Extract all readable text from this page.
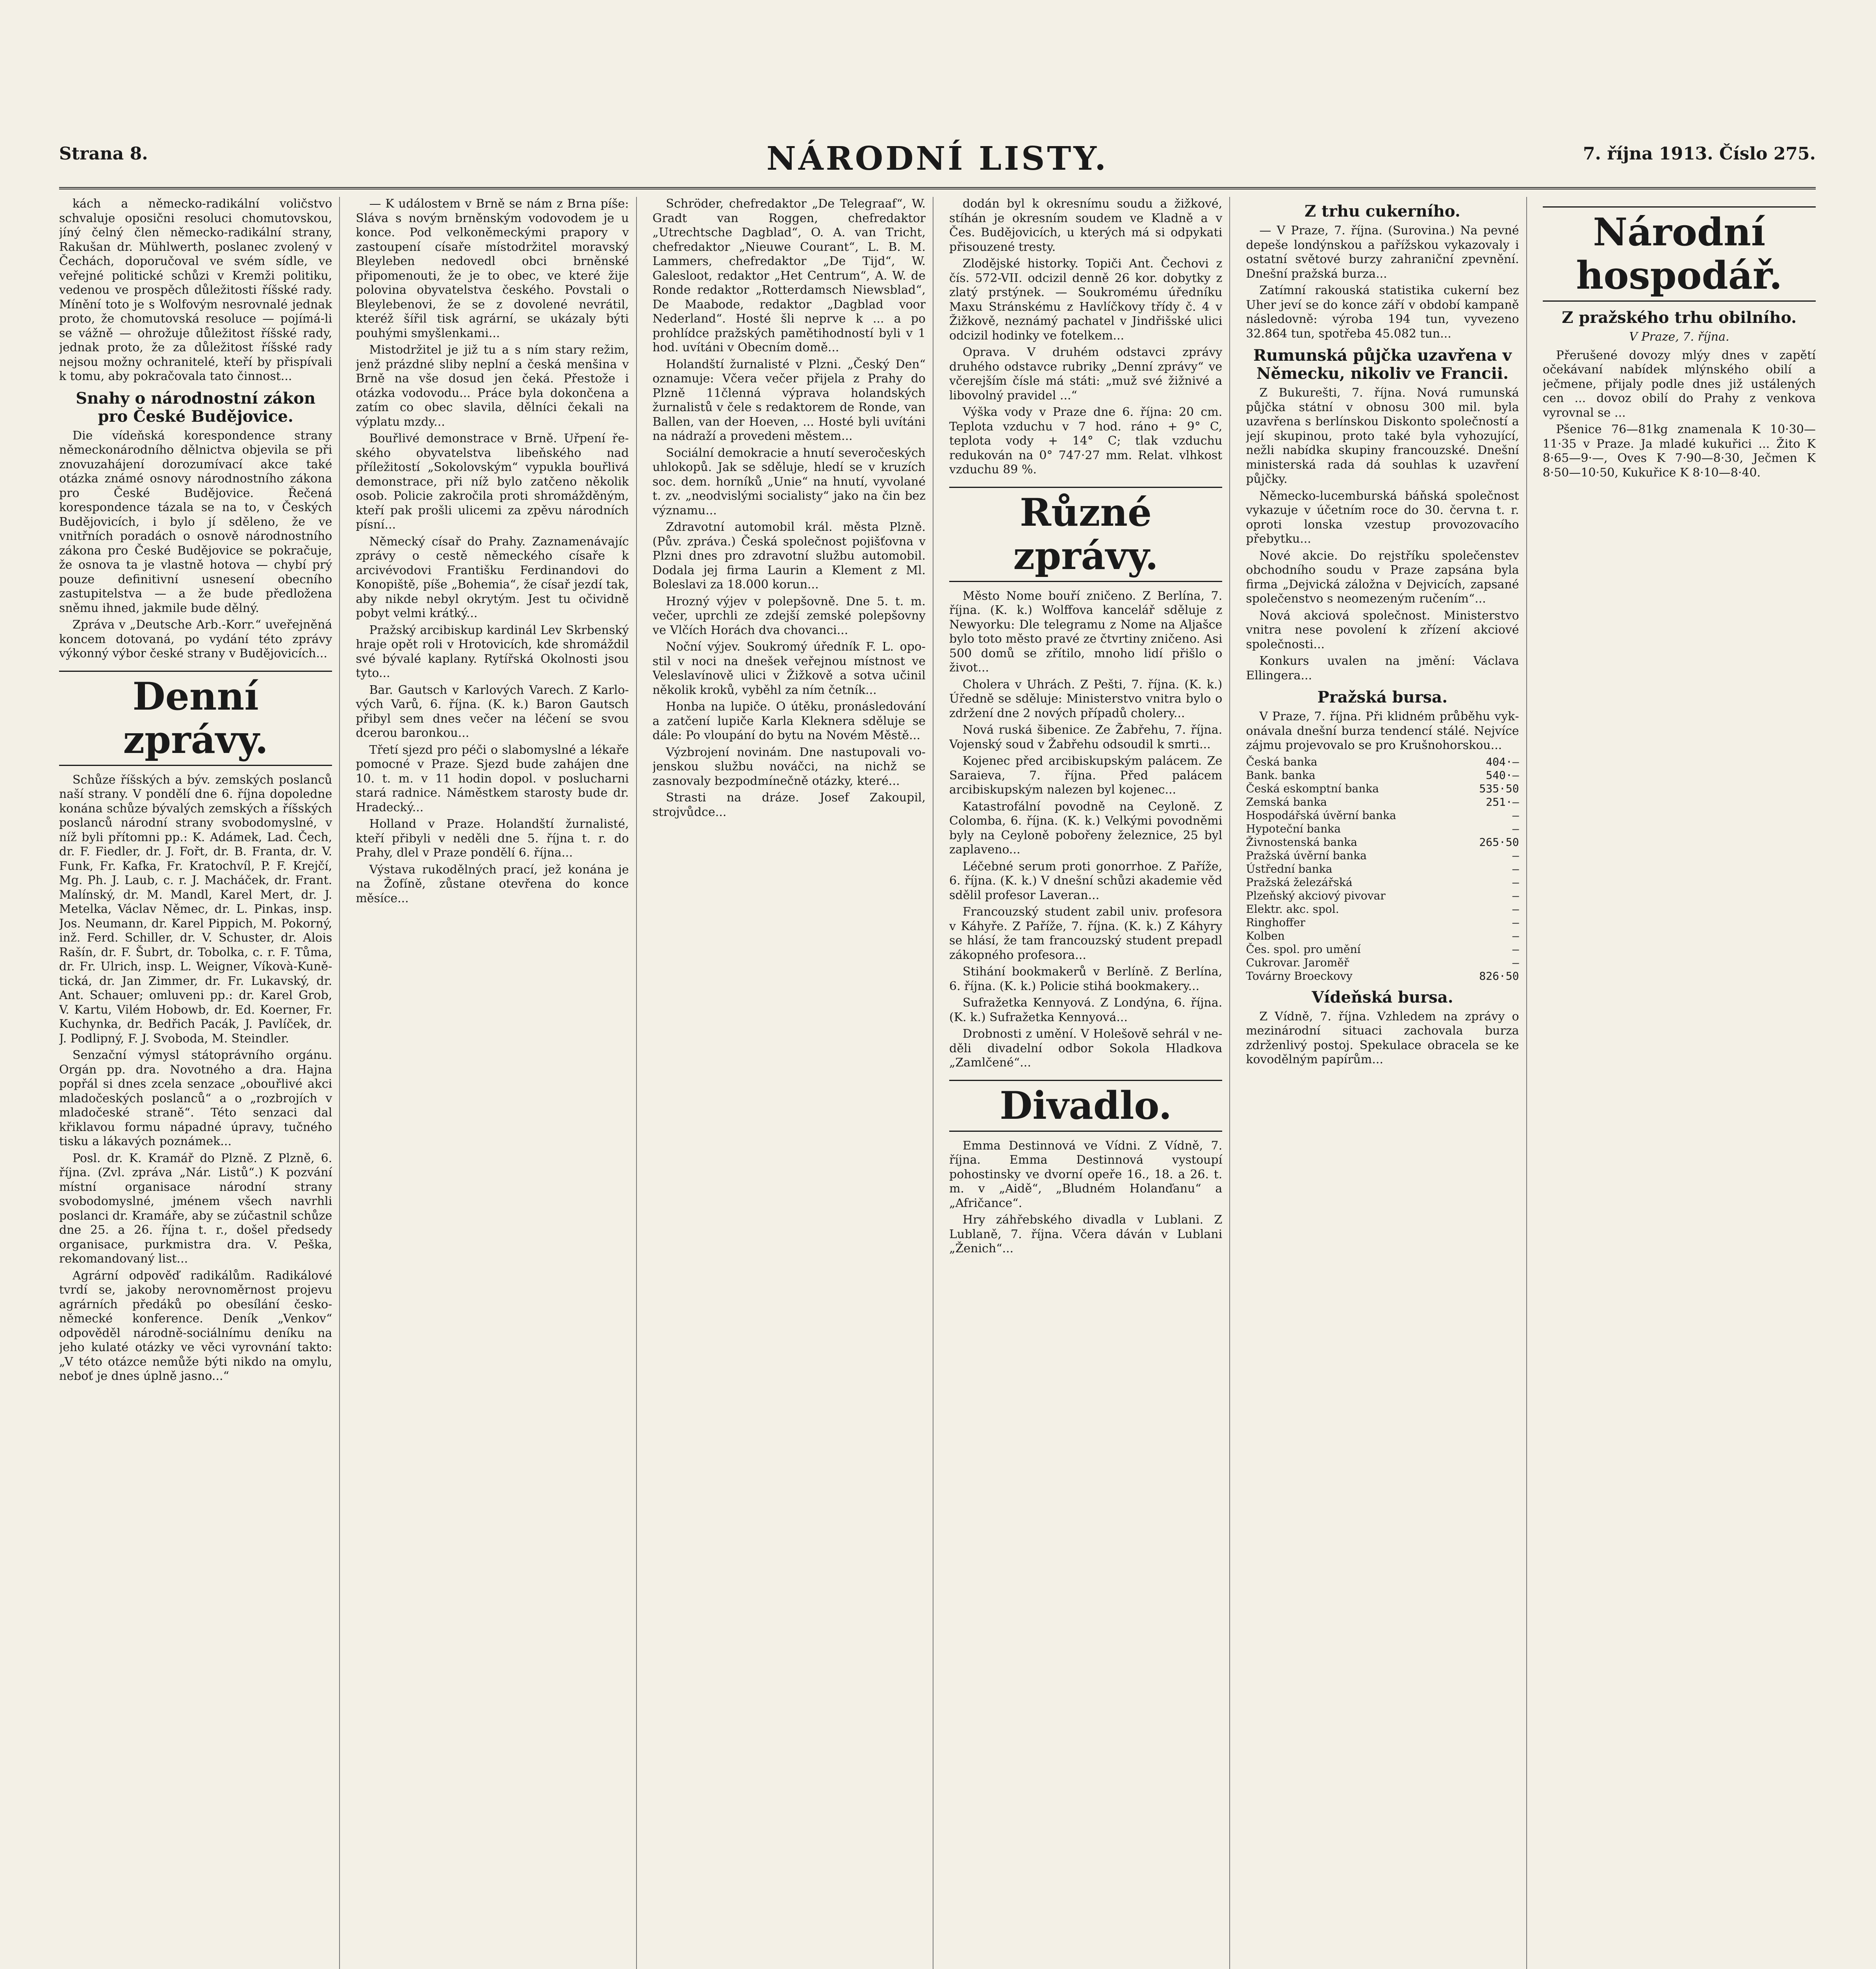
Strana 8.	NÁRODNÍ LISTY.	7. října 1913. Číslo 275.

kách a německo-radikální voličstvo schvaluje oposični resoluci chomutovskou, jíný čelný člen německo-radikální strany, Rakušan dr. Mühlwerth, poslanec zvolený v Čechách, doporučoval ve svém sídle, ve veřejné politické schůzi v Kremži politiku, vedenou ve prospěch důležitosti říšské rady. Mínění toto je s Wolfovým nesrovnalé jednak proto, že chomutovská resoluce — pojímá-li se vážně — ohrožuje důležitost říšské rady, jednak proto, že za důležitost říšské rady nejsou možny ochranitelé, kteří by přispívali k tomu, aby pokračovala tato činnost...

Snahy o národnostní zákon pro České Budějovice.

Die vídeňská korespondence strany německonárodního dělnictva objevila se při znovuzahájení dorozumívací akce také otázka známé osnovy národnostního zákona pro České Budějovice. Řečená korespondence tázala se na to, v Českých Budějovicích, i bylo jí sděleno, že ve vnitřních poradách o osnově národnostního zákona pro České Budějovice se pokračuje, že osnova ta je vlastně hotova — chybí prý pouze definitivní usnesení obecního zastupitelstva — a že bude předložena sněmu ihned, jakmile bude dělný.

Zpráva v „Deutsche Arb.-Korr.“ uveřejněná koncem dotovaná, po vydání této zprávy výkonný výbor české strany v Budějovicích...

Denní zprávy.

Schůze říšských a býv. zemských poslanců naší strany. V pondělí dne 6. října dopoledne konána schůze bývalých zemských a říšských poslanců národní strany svobodomyslné, v níž byli přítomni pp.: K. Adámek, Lad. Čech, dr. F. Fiedler, dr. J. Fořt, dr. B. Franta, dr. V. Funk, Fr. Kafka, Fr. Kratochvíl, P. F. Krejčí, Mg. Ph. J. Laub, c. r. J. Macháček, dr. Frant. Malínský, dr. M. Mandl, Karel Mert, dr. J. Metelka, Václav Němec, dr. L. Pinkas, insp. Jos. Neumann, dr. Karel Pippich, M. Pokorný, inž. Ferd. Schiller, dr. V. Schuster, dr. Alois Rašín, dr. F. Šubrt, dr. Tobolka, c. r. F. Tůma, dr. Fr. Ulrich, insp. L. Weigner, Víkovà-Kunětická, dr. Jan Zimmer, dr. Fr. Lukavský, dr. Ant. Schauer; omluveni pp.: dr. Karel Grob, V. Kartu, Vilém Hobowb, dr. Ed. Koerner, Fr. Kuchynka, dr. Bedřich Pacák, J. Pavlíček, dr. J. Podlipný, F. J. Svoboda, M. Steindler.

Senzační výmysl státoprávního orgánu. Orgán pp. dra. Novotného a dra. Hajna popřál si dnes zcela senzace „obouřlivé akci mladočeských poslanců“ a o „rozbrojích v mladočeské straně“. Této senzaci dal křiklavou formu nápadné úpravy, tučného tisku a lákavých poznámek...

Posl. dr. K. Kramář do Plzně. Z Plzně, 6. října. (Zvl. zpráva „Nár. Listů“.) K pozvání místní organisace národní strany svobodomyslné, jménem všech navrhli poslanci dr. Kramáře, aby se zúčastnil schůze dne 25. a 26. října t. r., došel předsedy organisace, purkmistra dra. V. Peška, rekomandovaný list...

Agrární odpověď radikálům. Radikálové tvrdí se, jakoby nerovnoměrnost projevu agrárních předáků po obesílání česko-německé konference. Deník „Venkov“ odpověděl národně-sociálnímu deníku na jeho kulaté otázky ve věci vyrovnání takto: „V této otázce nemůže býti nikdo na omylu, neboť je dnes úplně jasno...“

— K událostem v Brně se nám z Brna píše: Sláva s novým brněnským vodovodem je u konce. Pod velkoněmeckými prapory v zastoupení císaře místodržitel moravský Bleyleben nedovedl obci brněnské připomenouti, že je to obec, ve které žije polovina obyvatelstva českého. Povstali o Bleylebenovi, že se z dovolené nevrátil, kteréž šířil tisk agrární, se ukázaly býti pouhými smyšlenkami...

Mistodržitel je již tu a s ním stary režim, jenž prázdné sliby neplní a česká menšina v Brně na vše dosud jen čeká. Přestože i otázka vodovodu... Práce byla dokončena a zatím co obec slavila, dělníci čekali na výplatu mzdy...

Bouřlivé demonstrace v Brně. Uřpení řeského obyvatelstva libeňského nad příležitostí „Sokolovským“ vypukla bouřlivá demonstrace, při níž bylo zatčeno několik osob. Policie zakročila proti shromážděným, kteří pak prošli ulicemi za zpěvu národních písní...

Německý císař do Prahy. Zaznamenávajíc zprávy o cestě německého císaře k arcivévodovi Františku Ferdinandovi do Konopiště, píše „Bohemia“, že císař jezdí tak, aby nikde nebyl okrytým. Jest tu očividně pobyt velmi krátký...

Pražský arcibiskup kardinál Lev Skrbenský hraje opět roli v Hrotovicích, kde shromáždil své bývalé kaplany. Rytířská Okolnosti jsou tyto...

Bar. Gautsch v Karlových Varech. Z Karlových Varů, 6. října. (K. k.) Baron Gautsch přibyl sem dnes večer na léčení se svou dcerou baronkou...

Třetí sjezd pro péči o slabomyslné a lékaře pomocné v Praze. Sjezd bude zahájen dne 10. t. m. v 11 hodin dopol. v poslucharni stará radnice. Náměstkem starosty bude dr. Hradecký...

Holland v Praze. Holandští žurnalisté, kteří přibyli v neděli dne 5. října t. r. do Prahy, dlel v Praze pondělí 6. října...

Výstava rukodělných prací, jež konána je na Žofíně, zůstane otevřena do konce měsíce...

Schröder, chefredaktor „De Telegraaf“, W. Gradt van Roggen, chefredaktor „Utrechtsche Dagblad“, O. A. van Tricht, chefredaktor „Nieuwe Courant“, L. B. M. Lammers, chefredaktor „De Tijd“, W. Galesloot, redaktor „Het Centrum“, A. W. de Ronde redaktor „Rotterdamsch Niewsblad“, De Maabode, redaktor „Dagblad voor Nederland“. Hosté šli neprve k ... a po prohlídce pražských pamětihodností byli v 1 hod. uvítáni v Obecním domě...

Holandští žurnalisté v Plzni. „Český Den“ oznamuje: Včera večer přijela z Prahy do Plzně 11členná výprava holandských žurnalistů v čele s redaktorem de Ronde, van Ballen, van der Hoeven, ... Hosté byli uvítáni na nádraží a provedeni městem...

Sociální demokracie a hnutí severočeských uhlokopů. Jak se sděluje, hledí se v kruzích soc. dem. horníků „Unie“ na hnutí, vyvolané t. zv. „neodvislými socialisty“ jako na čin bez významu...

Zdravotní automobil král. města Plzně. (Pův. zpráva.) Česká společnost pojišťovna v Plzni dnes pro zdravotní službu automobil. Dodala jej firma Laurin a Klement z Ml. Boleslavi za 18.000 korun...

Hrozný výjev v polepšovně. Dne 5. t. m. večer, uprchli ze zdejší zemské polepšovny ve Vlčích Horách dva chovanci...

Noční výjev. Soukromý úředník F. L. opostil v noci na dnešek veřejnou místnost ve Veleslavínově ulici v Žižkově a sotva učinil několik kroků, vyběhl za ním četník...

Honba na lupiče. O útěku, pronásledování a zatčení lupiče Karla Kleknera sděluje se dále: Po vloupání do bytu na Novém Městě...

Výzbrojení novinám. Dne nastupovali vojenskou službu nováčci, na nichž se zasnovaly bezpodmínečně otázky, které...

Strasti na dráze. Josef Zakoupil, strojvůdce...

dodán byl k okresnímu soudu a žižkové, stíhán je okresním soudem ve Kladně a v Čes. Budějovicích, u kterých má si odpykati přisouzené tresty.

Zlodějské historky. Topiči Ant. Čechovi z čís. 572-VII. odcizil denně 26 kor. dobytky z zlatý prstýnek. — Soukromému úředníku Maxu Stránskému z Havlíčkovy třídy č. 4 v Žižkově, neznámý pachatel v Jindřišské ulici odcizil hodinky ve fotelkem...

Oprava. V druhém odstavci zprávy druhého odstavce rubriky „Denní zprávy“ ve včerejším čísle má státi: „muž své žižnivé a libovolný pravidel ...“

Výška vody v Praze dne 6. října: 20 cm. Teplota vzduchu v 7 hod. ráno + 9° C, teplota vody + 14° C; tlak vzduchu redukován na 0° 747·27 mm. Relat. vlhkost vzduchu 89 %.

Různé zprávy.

Město Nome bouří zničeno. Z Berlína, 7. října. (K. k.) Wolffova kancelář sděluje z Newyorku: Dle telegramu z Nome na Aljašce bylo toto město pravé ze čtvrtiny zničeno. Asi 500 domů se zřítilo, mnoho lidí přišlo o život...

Cholera v Uhrách. Z Pešti, 7. října. (K. k.) Úředně se sděluje: Ministerstvo vnitra bylo o zdržení dne 2 nových případů cholery...

Nová ruská šibenice. Ze Žabřehu, 7. října. Vojenský soud v Žabřehu odsoudil k smrti...

Kojenec před arcibiskupským palácem. Ze Saraieva, 7. října. Před palácem arcibiskupským nalezen byl kojenec...

Katastrofální povodně na Ceyloně. Z Colomba, 6. října. (K. k.) Velkými povodněmi byly na Ceyloně pobořeny železnice, 25 byl zaplaveno...

Léčebné serum proti gonorrhoe. Z Paříže, 6. října. (K. k.) V dnešní schůzi akademie věd sdělil profesor Laveran...

Francouzský student zabil univ. profesora v Káhyře. Z Paříže, 7. října. (K. k.) Z Káhyry se hlásí, že tam francouzský student prepadl zákopného profesora...

Stihání bookmakerů v Berlíně. Z Berlína, 6. října. (K. k.) Policie stihá bookmakery...

Sufražetka Kennyová. Z Londýna, 6. října. (K. k.) Sufražetka Kennyová...

Drobnosti z umění. V Holešově sehrál v neděli divadelní odbor Sokola Hladkova „Zamlčené“...

Divadlo.

Emma Destinnová ve Vídni. Z Vídně, 7. října. Emma Destinnová vystoupí pohostinsky ve dvorní opeře 16., 18. a 26. t. m. v „Aidě“, „Bludném Holanďanu“ a „Afričance“.

Hry záhřebského divadla v Lublani. Z Lublaně, 7. října. Včera dáván v Lublani „Ženich“...

Z trhu cukerního.

— V Praze, 7. října. (Surovina.) Na pevné depeše londýnskou a pařížskou vykazovaly i ostatní světové burzy zahraniční zpevnění. Dnešní pražská burza...

Zatímní rakouská statistika cukerní bez Uher jeví se do konce září v období kampaně následovně: výroba 194 tun, vyvezeno 32.864 tun, spotřeba 45.082 tun...

Rumunská půjčka uzavřena v Německu, nikoliv ve Francii.

Z Bukurešti, 7. října. Nová rumunská půjčka státní v obnosu 300 mil. byla uzavřena s berlínskou Diskonto společností a její skupinou, proto také byla vyhozující, nežli nabídka skupiny francouzské. Dnešní ministerská rada dá souhlas k uzavření půjčky.

Německo-lucemburská báňská společnost vykazuje v účetním roce do 30. června t. r. oproti lonska vzestup provozovacího přebytku...

Nové akcie. Do rejstříku společenstev obchodního soudu v Praze zapsána byla firma „Dejvická záložna v Dejvicích, zapsané společenstvo s neomezeným ručením“...

Nová akciová společnost. Ministerstvo vnitra nese povolení k zřízení akciové společnosti...

Konkurs uvalen na jmění: Václava Ellingera...

Pražská bursa.

V Praze, 7. října. Při klidném průběhu vykonávala dnešní burza tendencí stálé. Nejvíce zájmu projevovalo se pro Krušnohorskou...

Česká banka	404·—
Bank. banka	540·—
Česká eskomptní banka	535·50
Zemská banka	251·—
Hospodářská úvěrní banka	—
Hypoteční banka	—
Živnostenská banka	265·50
Pražská úvěrní banka	—
Ústřední banka	—
Pražská železářská	—
Plzeňský akciový pivovar	—
Elektr. akc. spol.	—
Ringhoffer	—
Kolben	—
Čes. spol. pro umění	—
Cukrovar. Jaroměř	—
Továrny Broeckovy	826·50
Vídeňská bursa.

Z Vídně, 7. října. Vzhledem na zprávy o mezinárodní situaci zachovala burza zdrženlivý postoj. Spekulace obracela se ke kovodělným papírům...

Národní hospodář.
Z pražského trhu obilního.
V Praze, 7. října.

Přerušené dovozy mlýy dnes v zapětí očekávaní nabídek mlýnského obilí a ječmene, přijaly podle dnes již ustálených cen ... dovoz obilí do Prahy z venkova vyrovnal se ...

Pšenice 76—81kg znamenala K 10·30—11·35 v Praze. Ja mladé kukuřici ... Žito K 8·65—9·—, Oves K 7·90—8·30, Ječmen K 8·50—10·50, Kukuřice K 8·10—8·40.
